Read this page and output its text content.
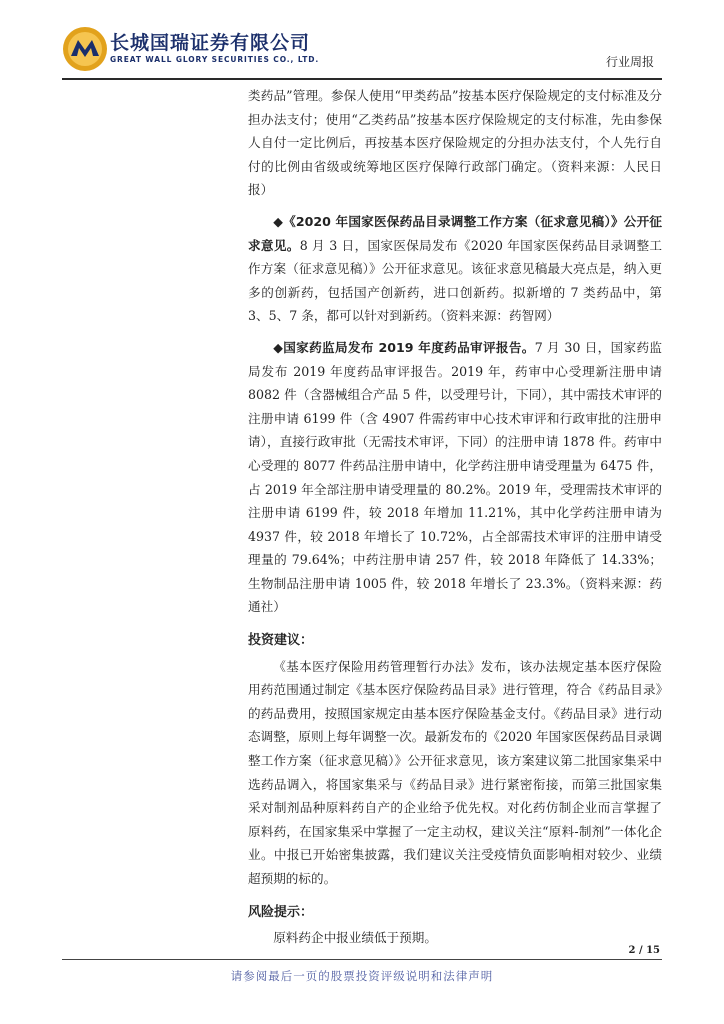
长城国瑞证券有限公司
GREAT WALL GLORY SECURITIES CO., LTD.	行业周报

类药品”管理。参保人使用“甲类药品”按基本医疗保险规定的支付标准及分担办法支付；使用“乙类药品”按基本医疗保险规定的支付标准，先由参保人自付一定比例后，再按基本医疗保险规定的分担办法支付，个人先行自付的比例由省级或统筹地区医疗保障行政部门确定。（资料来源：人民日报）

◆《2020 年国家医保药品目录调整工作方案（征求意见稿）》公开征求意见。8 月 3 日，国家医保局发布《2020 年国家医保药品目录调整工作方案（征求意见稿）》公开征求意见。该征求意见稿最大亮点是，纳入更多的创新药，包括国产创新药，进口创新药。拟新增的 7 类药品中，第 3、5、7 条，都可以针对到新药。（资料来源：药智网）

◆国家药监局发布 2019 年度药品审评报告。7 月 30 日，国家药监局发布 2019 年度药品审评报告。2019 年，药审中心受理新注册申请 8082 件（含器械组合产品 5 件，以受理号计，下同），其中需技术审评的注册申请 6199 件（含 4907 件需药审中心技术审评和行政审批的注册申请），直接行政审批（无需技术审评，下同）的注册申请 1878 件。药审中心受理的 8077 件药品注册申请中，化学药注册申请受理量为 6475 件，占 2019 年全部注册申请受理量的 80.2%。2019 年，受理需技术审评的注册申请 6199 件，较 2018 年增加 11.21%，其中化学药注册申请为 4937 件，较 2018 年增长了 10.72%，占全部需技术审评的注册申请受理量的 79.64%；中药注册申请 257 件，较 2018 年降低了 14.33%；生物制品注册申请 1005 件，较 2018 年增长了 23.3%。（资料来源：药通社）

投资建议：

《基本医疗保险用药管理暂行办法》发布，该办法规定基本医疗保险用药范围通过制定《基本医疗保险药品目录》进行管理，符合《药品目录》的药品费用，按照国家规定由基本医疗保险基金支付。《药品目录》进行动态调整，原则上每年调整一次。最新发布的《2020 年国家医保药品目录调整工作方案（征求意见稿）》公开征求意见，该方案建议第二批国家集采中选药品调入，将国家集采与《药品目录》进行紧密衔接，而第三批国家集采对制剂品种原料药自产的企业给予优先权。对化药仿制企业而言掌握了原料药，在国家集采中掌握了一定主动权，建议关注“原料-制剂”一体化企业。中报已开始密集披露，我们建议关注受疫情负面影响相对较少、业绩超预期的标的。

风险提示：

原料药企中报业绩低于预期。

2 / 15
请参阅最后一页的股票投资评级说明和法律声明
